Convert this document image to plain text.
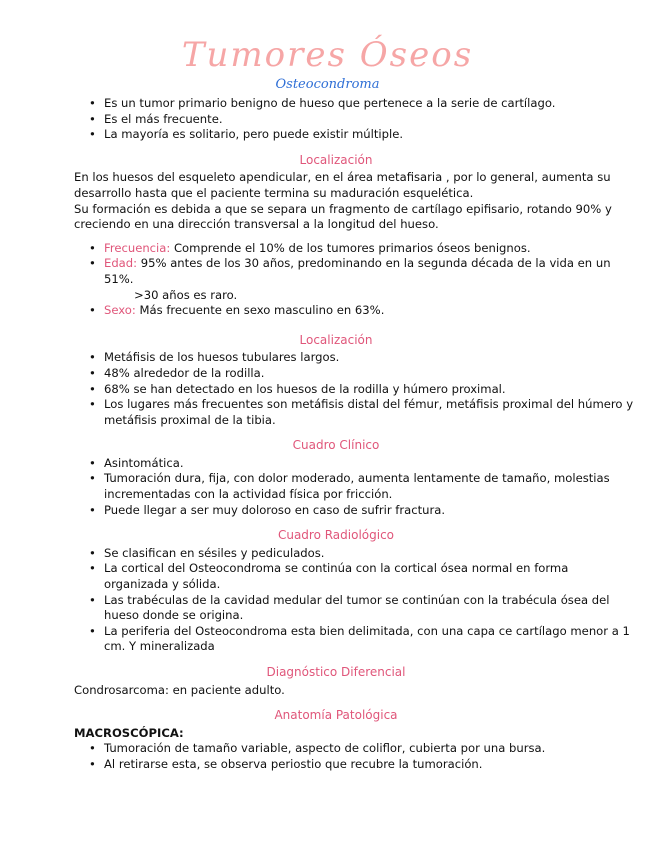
Tumores Óseos
Osteocondroma
• Es un tumor primario benigno de hueso que pertenece a la serie de cartílago.
• Es el más frecuente.
• La mayoría es solitario, pero puede existir múltiple.
Localización

En los huesos del esqueleto apendicular, en el área metafisaria , por lo general, aumenta su desarrollo hasta que el paciente termina su maduración esquelética.

Su formación es debida a que se separa un fragmento de cartílago epifisario, rotando 90% y creciendo en una dirección transversal a la longitud del hueso.

• Frecuencia: Comprende el 10% de los tumores primarios óseos benignos.
• Edad: 95% antes de los 30 años, predominando en la segunda década de la vida en un 51%.

>30 años es raro.

• Sexo: Más frecuente en sexo masculino en 63%.
Localización
• Metáfisis de los huesos tubulares largos.
• 48% alrededor de la rodilla.
• 68% se han detectado en los huesos de la rodilla y húmero proximal.
• Los lugares más frecuentes son metáfisis distal del fémur, metáfisis proximal del húmero y metáfisis proximal de la tibia.
Cuadro Clínico
• Asintomática.
• Tumoración dura, fija, con dolor moderado, aumenta lentamente de tamaño, molestias incrementadas con la actividad física por fricción.
• Puede llegar a ser muy doloroso en caso de sufrir fractura.
Cuadro Radiológico
• Se clasifican en sésiles y pediculados.
• La cortical del Osteocondroma se continúa con la cortical ósea normal en forma organizada y sólida.
• Las trabéculas de la cavidad medular del tumor se continúan con la trabécula ósea del hueso donde se origina.
• La periferia del Osteocondroma esta bien delimitada, con una capa ce cartílago menor a 1 cm. Y mineralizada
Diagnóstico Diferencial

Condrosarcoma: en paciente adulto.

Anatomía Patológica

MACROSCÓPICA:

• Tumoración de tamaño variable, aspecto de coliflor, cubierta por una bursa.
• Al retirarse esta, se observa periostio que recubre la tumoración.
